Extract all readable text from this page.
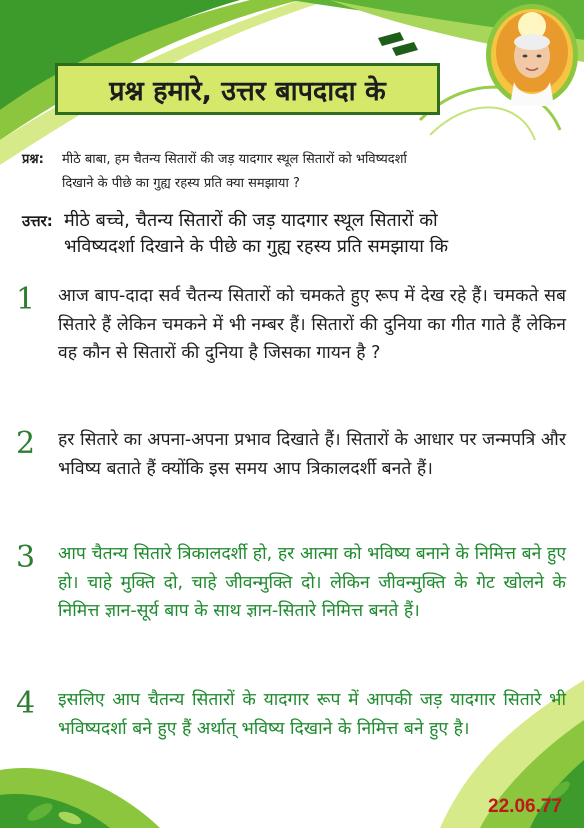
प्रश्न हमारे, उत्तर बापदादा के
प्रश्न:	मीठे बाबा, हम चैतन्य सितारों की जड़ यादगार स्थूल सितारों को भविष्यदर्शा
दिखाने के पीछे का गुह्य रहस्य प्रति क्या समझाया ?
उत्तर: मीठे बच्चे, चैतन्य सितारों की जड़ यादगार स्थूल सितारों को
भविष्यदर्शा दिखाने के पीछे का गुह्य रहस्य प्रति समझाया कि
1	आज बाप-दादा सर्व चैतन्य सितारों को चमकते हुए रूप में देख रहे हैं। चमकते सब सितारे हैं लेकिन चमकने में भी नम्बर हैं। सितारों की दुनिया का गीत गाते हैं लेकिन वह कौन से सितारों की दुनिया है जिसका गायन है ?
2	हर सितारे का अपना-अपना प्रभाव दिखाते हैं। सितारों के आधार पर जन्मपत्रि और भविष्य बताते हैं क्योंकि इस समय आप त्रिकालदर्शी बनते हैं।
3	आप चैतन्य सितारे त्रिकालदर्शी हो, हर आत्मा को भविष्य बनाने के निमित्त बने हुए हो। चाहे मुक्ति दो, चाहे जीवन्मुक्ति दो। लेकिन जीवन्मुक्ति के गेट खोलने के निमित्त ज्ञान-सूर्य बाप के साथ ज्ञान-सितारे निमित्त बनते हैं।
4	इसलिए आप चैतन्य सितारों के यादगार रूप में आपकी जड़ यादगार सितारे भी भविष्यदर्शा बने हुए हैं अर्थात् भविष्य दिखाने के निमित्त बने हुए है।
22.06.77
